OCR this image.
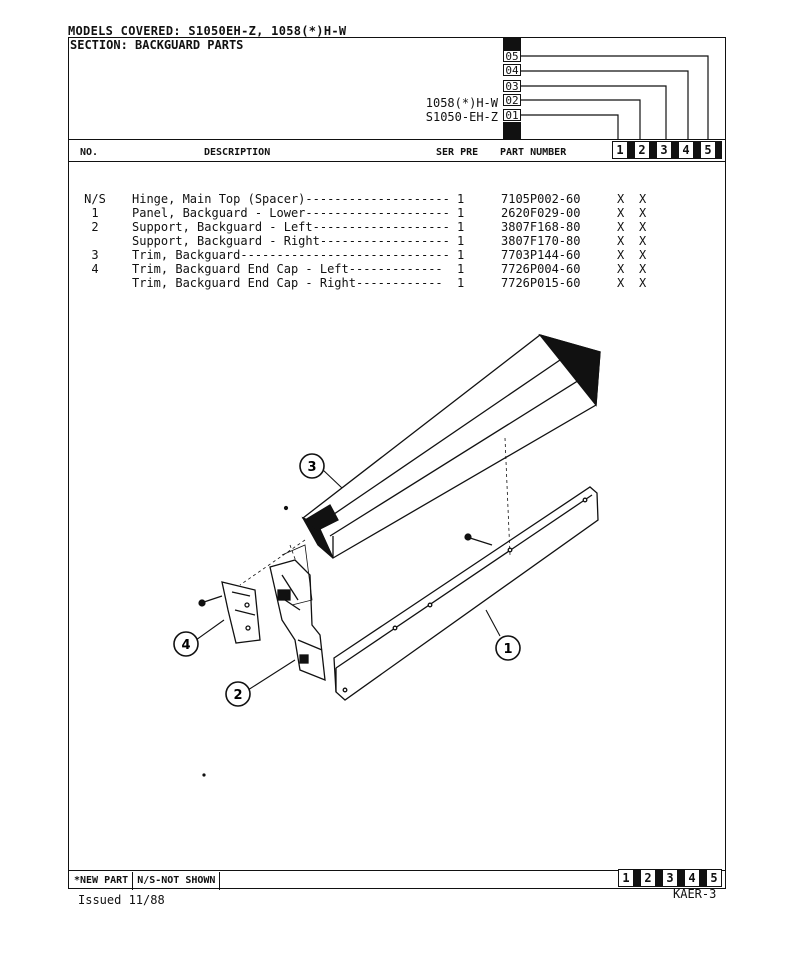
MODELS COVERED: S1050EH-Z, 1058(*)H-W
SECTION: BACKGUARD PARTS
05
04
03
02
01
1058(*)H-W
S1050-EH-Z
NO.	DESCRIPTION	SER PRE PART NUMBER	1	2	3	4	5

N/S	Hinge, Main Top (Spacer)-------------------- 1	7105P002-60	X X

1	Panel, Backguard - Lower-------------------- 1	2620F029-00	X X

2	Support, Backguard - Left------------------- 1	3807F168-80	X X

Support, Backguard - Right------------------ 1	3807F170-80	X X

3	Trim, Backguard----------------------------- 1	7703P144-60	X X

4	Trim, Backguard End Cap - Left------------- 1	7726P004-60	X X

Trim, Backguard End Cap - Right------------ 1	7726P015-60	X X

3
1
4
2
*NEW PART N/S-NOT SHOWN	1	2	3	4	5
Issued 11/88	KAER-3
